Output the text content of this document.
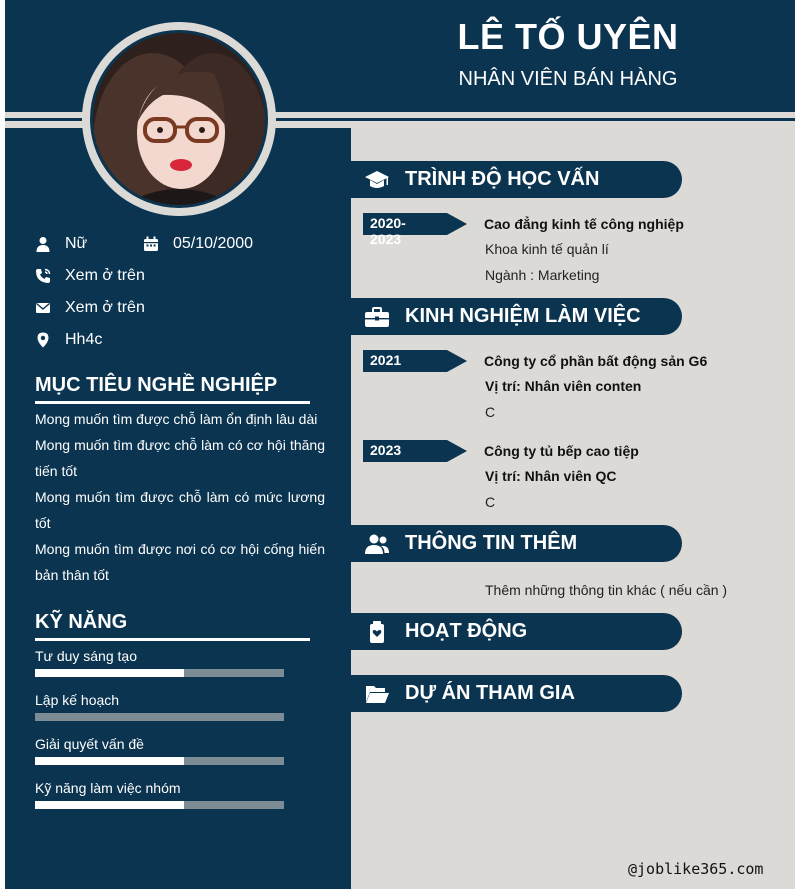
LÊ TỐ UYÊN
NHÂN VIÊN BÁN HÀNG
Nữ	05/10/2000
Xem ở trên
Xem ở trên
Hh4c
MỤC TIÊU NGHỀ NGHIỆP
Mong muốn tìm được chỗ làm ổn định lâu dài
Mong muốn tìm được chỗ làm có cơ hội thăng tiến tốt
Mong muốn tìm được chỗ làm có mức lương tốt
Mong muốn tìm được nơi có cơ hội cống hiến bản thân tốt
KỸ NĂNG
Tư duy sáng tạo
Lập kế hoạch
Giải quyết vấn đề
Kỹ năng làm việc nhóm
TRÌNH ĐỘ HỌC VẤN
2020-2023
Cao đẳng kinh tế công nghiệp
Khoa kinh tế quản lí
Ngành : Marketing
KINH NGHIỆM LÀM VIỆC
2021	Công ty cổ phần bất động sản G6
Vị trí: Nhân viên conten
C
2023	Công ty tủ bếp cao tiệp
Vị trí: Nhân viên QC
C
THÔNG TIN THÊM
Thêm những thông tin khác ( nếu cần )
HOẠT ĐỘNG
DỰ ÁN THAM GIA
@joblike365.com
